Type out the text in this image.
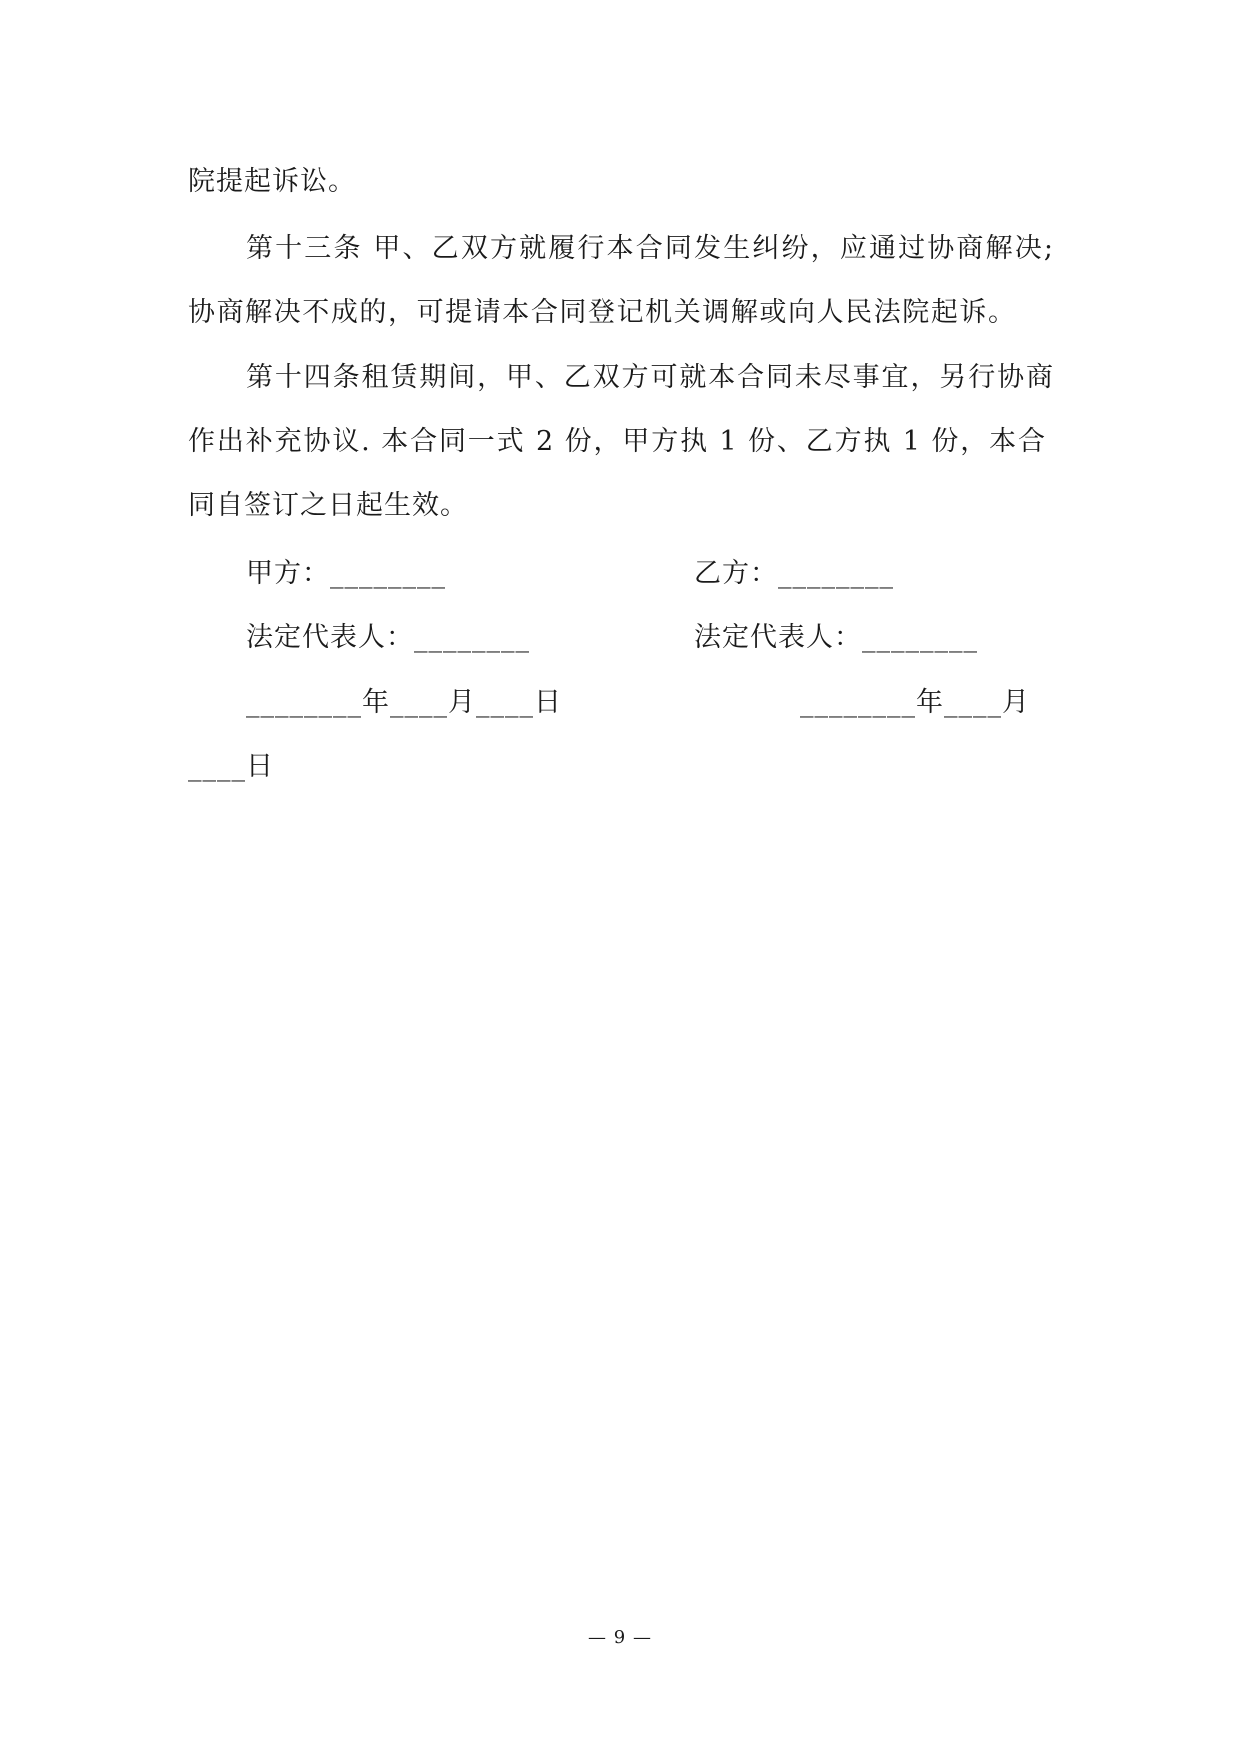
院提起诉讼。
第十三条 甲、乙双方就履行本合同发生纠纷，应通过协商解决;
协商解决不成的，可提请本合同登记机关调解或向人民法院起诉。
第十四条租赁期间，甲、乙双方可就本合同未尽事宜，另行协商
作出补充协议. 本合同一式 2 份，甲方执 1 份、乙方执 1 份，本合
同自签订之日起生效。
甲方：________	乙方：________
法定代表人：________	法定代表人：________
________年____月____日	________年____月
____日
— 9 —
